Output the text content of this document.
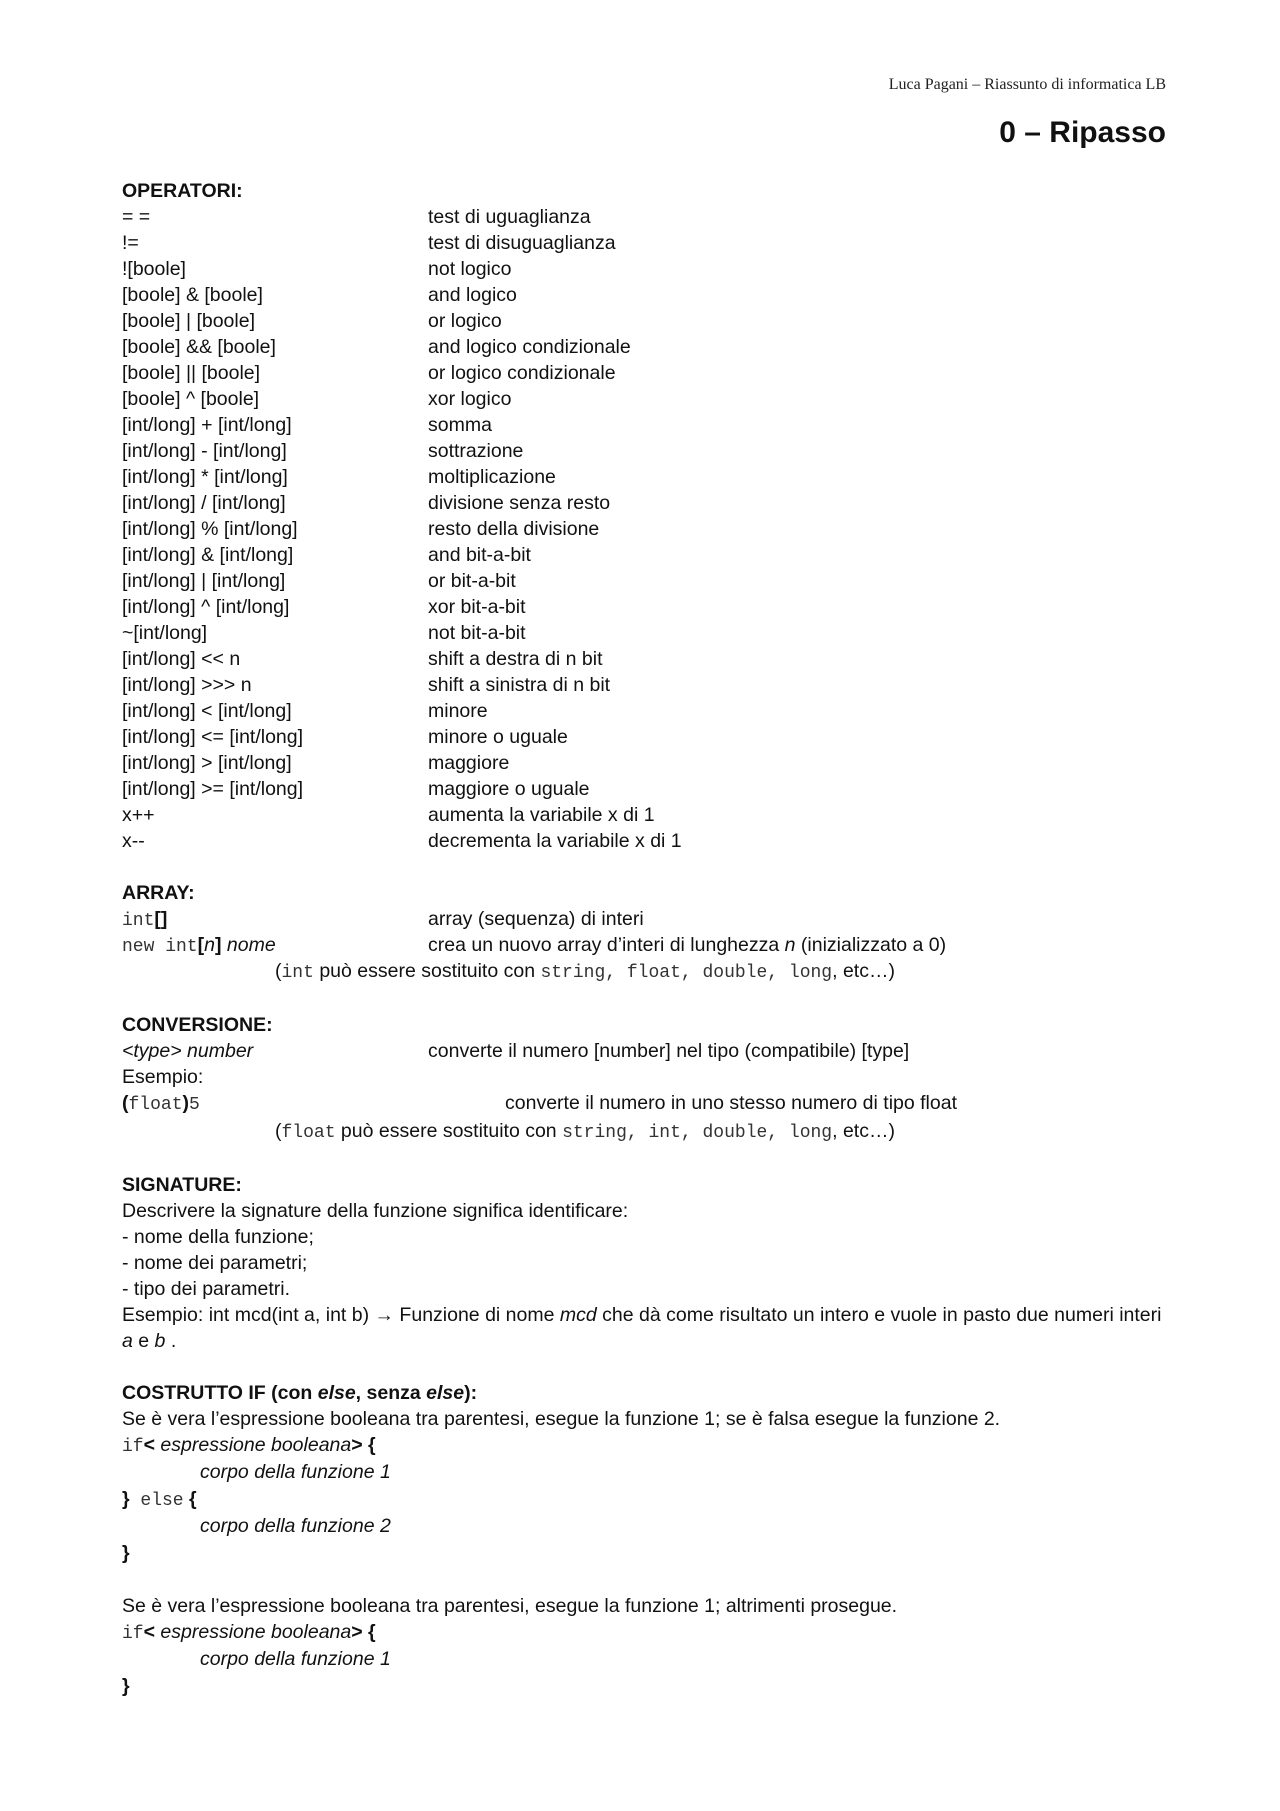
Luca Pagani – Riassunto di informatica LB
0 – Ripasso
OPERATORI:
= =	test di uguaglianza
!=	test di disuguaglianza
![boole]	not logico
[boole] & [boole]	and logico
[boole] | [boole]	or logico
[boole] && [boole]	and logico condizionale
[boole] || [boole]	or logico condizionale
[boole] ^ [boole]	xor logico
[int/long] + [int/long]	somma
[int/long] - [int/long]	sottrazione
[int/long] * [int/long]	moltiplicazione
[int/long] / [int/long]	divisione senza resto
[int/long] % [int/long]	resto della divisione
[int/long] & [int/long]	and bit-a-bit
[int/long] | [int/long]	or bit-a-bit
[int/long] ^ [int/long]	xor bit-a-bit
~[int/long]	not bit-a-bit
[int/long] << n	shift a destra di n bit
[int/long] >>> n	shift a sinistra di n bit
[int/long] < [int/long]	minore
[int/long] <= [int/long]	minore o uguale
[int/long] > [int/long]	maggiore
[int/long] >= [int/long]	maggiore o uguale
x++	aumenta la variabile x di 1
x--	decrementa la variabile x di 1
ARRAY:
int[]	array (sequenza) di interi
new int[n] nome	crea un nuovo array d’interi di lunghezza n (inizializzato a 0)
(int può essere sostituito con string, float, double, long, etc…)
CONVERSIONE:
<type> number	converte il numero [number] nel tipo (compatibile) [type]
Esempio:
(float)5	converte il numero in uno stesso numero di tipo float
(float può essere sostituito con string, int, double, long, etc…)
SIGNATURE:
Descrivere la signature della funzione significa identificare:
- nome della funzione;
- nome dei parametri;
- tipo dei parametri.
Esempio: int mcd(int a, int b) → Funzione di nome mcd che dà come risultato un intero e vuole in pasto due numeri interi a e b .
COSTRUTTO IF (con else, senza else):
Se è vera l’espressione booleana tra parentesi, esegue la funzione 1; se è falsa esegue la funzione 2.
if< espressione booleana> {
corpo della funzione 1
} else {
corpo della funzione 2
}
Se è vera l’espressione booleana tra parentesi, esegue la funzione 1; altrimenti prosegue.
if< espressione booleana> {
corpo della funzione 1
}
